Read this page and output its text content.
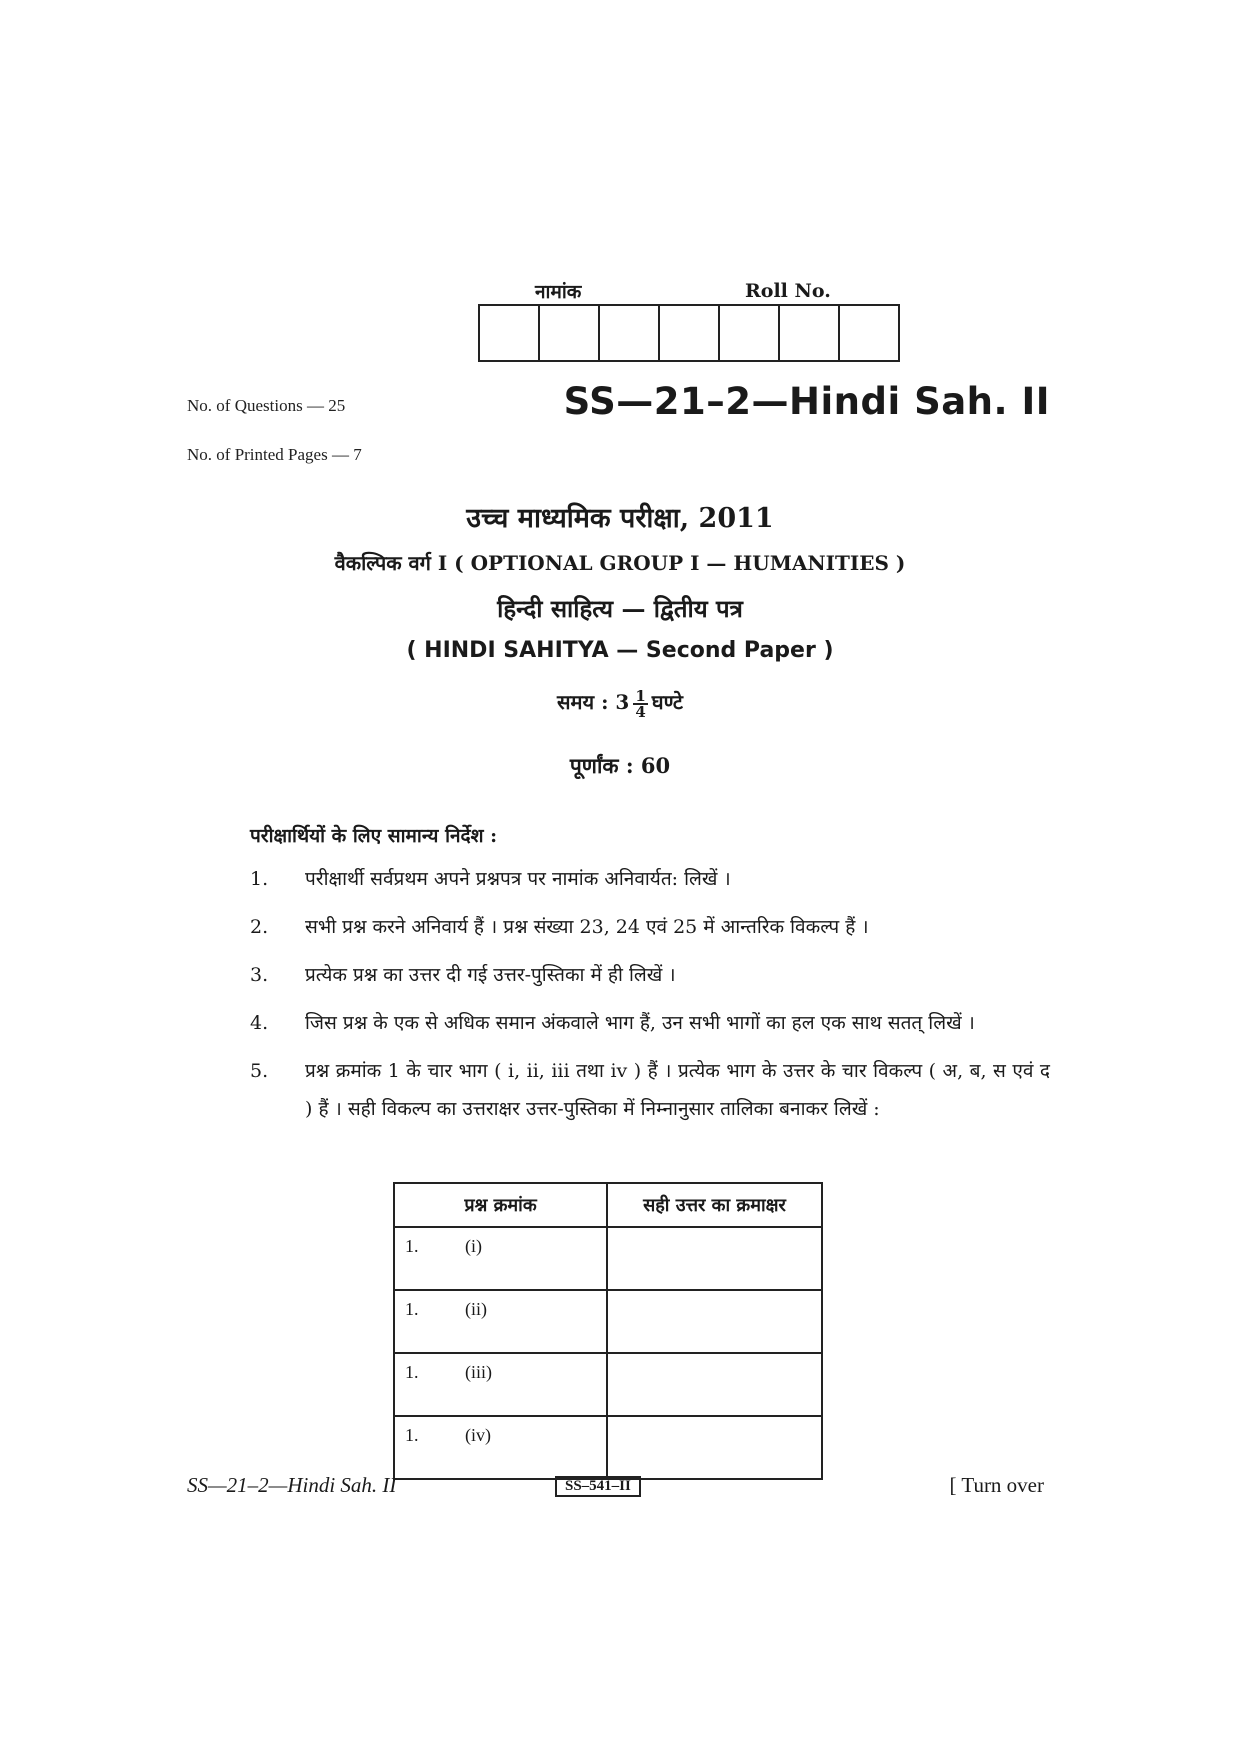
नामांक	Roll No.
No. of Questions — 25
No. of Printed Pages — 7
SS—21–2—Hindi Sah. II
उच्च माध्यमिक परीक्षा, 2011
वैकल्पिक वर्ग I ( OPTIONAL GROUP I — HUMANITIES )
हिन्दी साहित्य — द्वितीय पत्र
( HINDI SAHITYA — Second Paper )
समय : $3 \frac{1}{4}$ घण्टे
पूर्णांक : 60
परीक्षार्थियों के लिए सामान्य निर्देश :
1.	परीक्षार्थी सर्वप्रथम अपने प्रश्नपत्र पर नामांक अनिवार्यत: लिखें ।
2.	सभी प्रश्न करने अनिवार्य हैं । प्रश्न संख्या 23, 24 एवं 25 में आन्तरिक विकल्प हैं ।
3.	प्रत्येक प्रश्न का उत्तर दी गई उत्तर-पुस्तिका में ही लिखें ।
4.	जिस प्रश्न के एक से अधिक समान अंकवाले भाग हैं, उन सभी भागों का हल एक साथ सतत् लिखें ।
5.	प्रश्न क्रमांक 1 के चार भाग ( i, ii, iii तथा iv ) हैं । प्रत्येक भाग के उत्तर के चार विकल्प ( अ, ब, स एवं द ) हैं । सही विकल्प का उत्तराक्षर उत्तर-पुस्तिका में निम्नानुसार तालिका बनाकर लिखें :
प्रश्न क्रमांक	सही उत्तर का क्रमाक्षर
1. (i)	
1. (ii)	
1. (iii)	
1. (iv)	
SS—21–2—Hindi Sah. II	SS–541–II	[ Turn over
